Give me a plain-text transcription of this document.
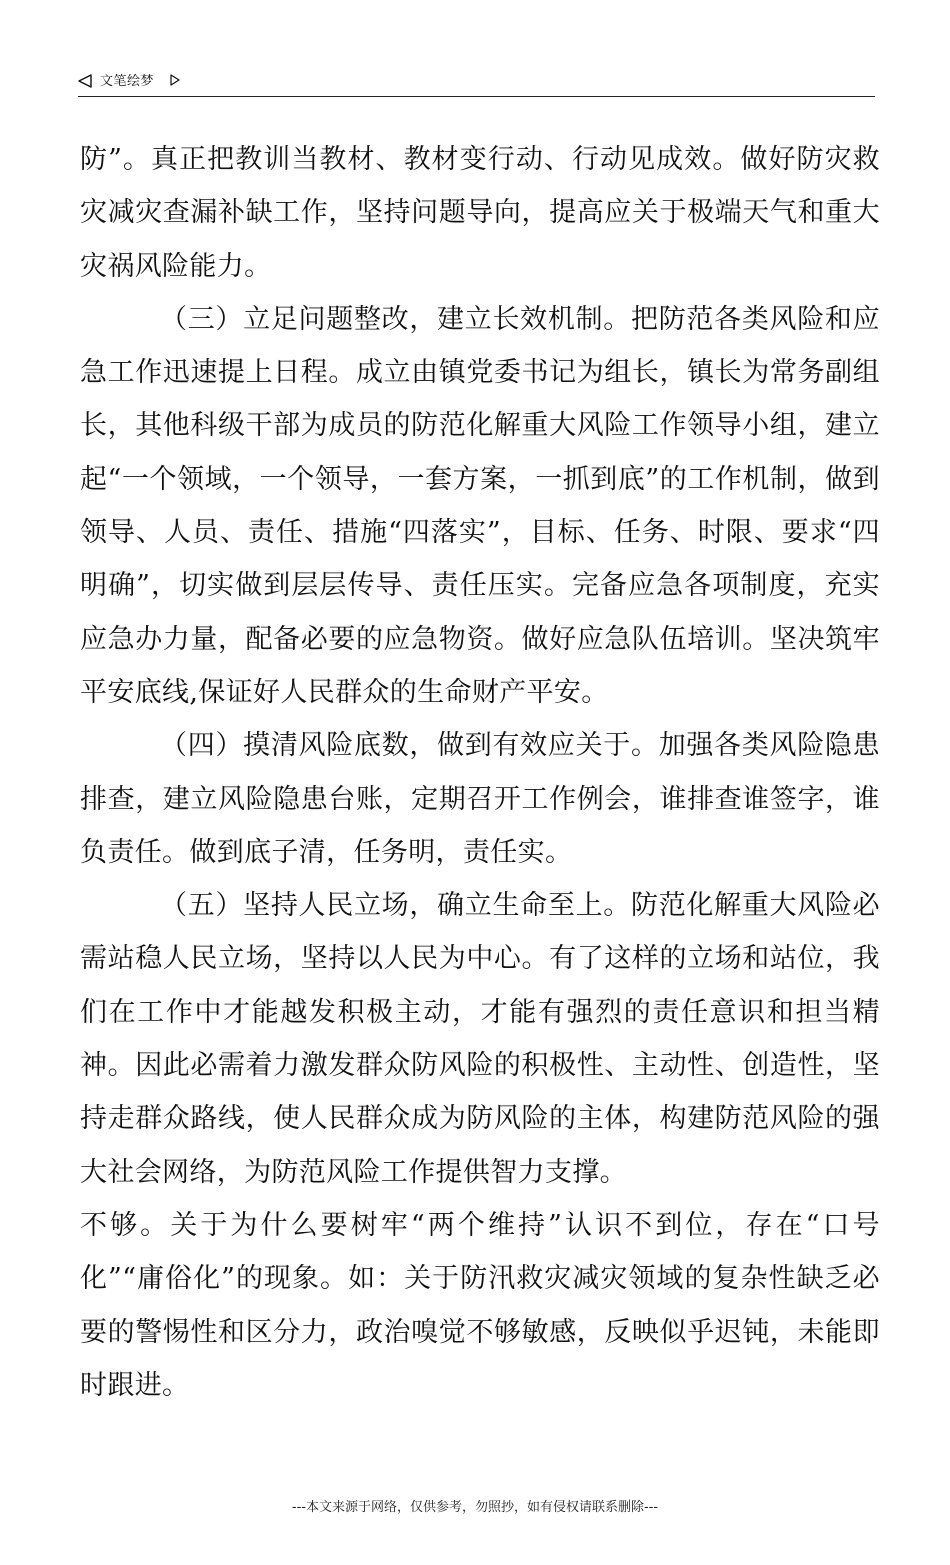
文笔绘梦

防”。真正把教训当教材、教材变行动、行动见成效。做好防灾救灾减灾查漏补缺工作，坚持问题导向，提高应关于极端天气和重大灾祸风险能力。

（三）立足问题整改，建立长效机制。把防范各类风险和应急工作迅速提上日程。成立由镇党委书记为组长，镇长为常务副组长，其他科级干部为成员的防范化解重大风险工作领导小组，建立起“一个领域，一个领导，一套方案，一抓到底”的工作机制，做到领导、人员、责任、措施“四落实”，目标、任务、时限、要求“四明确”，切实做到层层传导、责任压实。完备应急各项制度，充实应急办力量，配备必要的应急物资。做好应急队伍培训。坚决筑牢平安底线,保证好人民群众的生命财产平安。

（四）摸清风险底数，做到有效应关于。加强各类风险隐患排查，建立风险隐患台账，定期召开工作例会，谁排查谁签字，谁负责任。做到底子清，任务明，责任实。

（五）坚持人民立场，确立生命至上。防范化解重大风险必需站稳人民立场，坚持以人民为中心。有了这样的立场和站位，我们在工作中才能越发积极主动，才能有强烈的责任意识和担当精神。因此必需着力激发群众防风险的积极性、主动性、创造性，坚持走群众路线，使人民群众成为防风险的主体，构建防范风险的强大社会网络，为防范风险工作提供智力支撑。

不够。关于为什么要树牢“两个维持”认识不到位，存在“口号化”“庸俗化”的现象。如：关于防汛救灾减灾领域的复杂性缺乏必要的警惕性和区分力，政治嗅觉不够敏感，反映似乎迟钝，未能即时跟进。

---本文来源于网络，仅供参考，勿照抄，如有侵权请联系删除---
